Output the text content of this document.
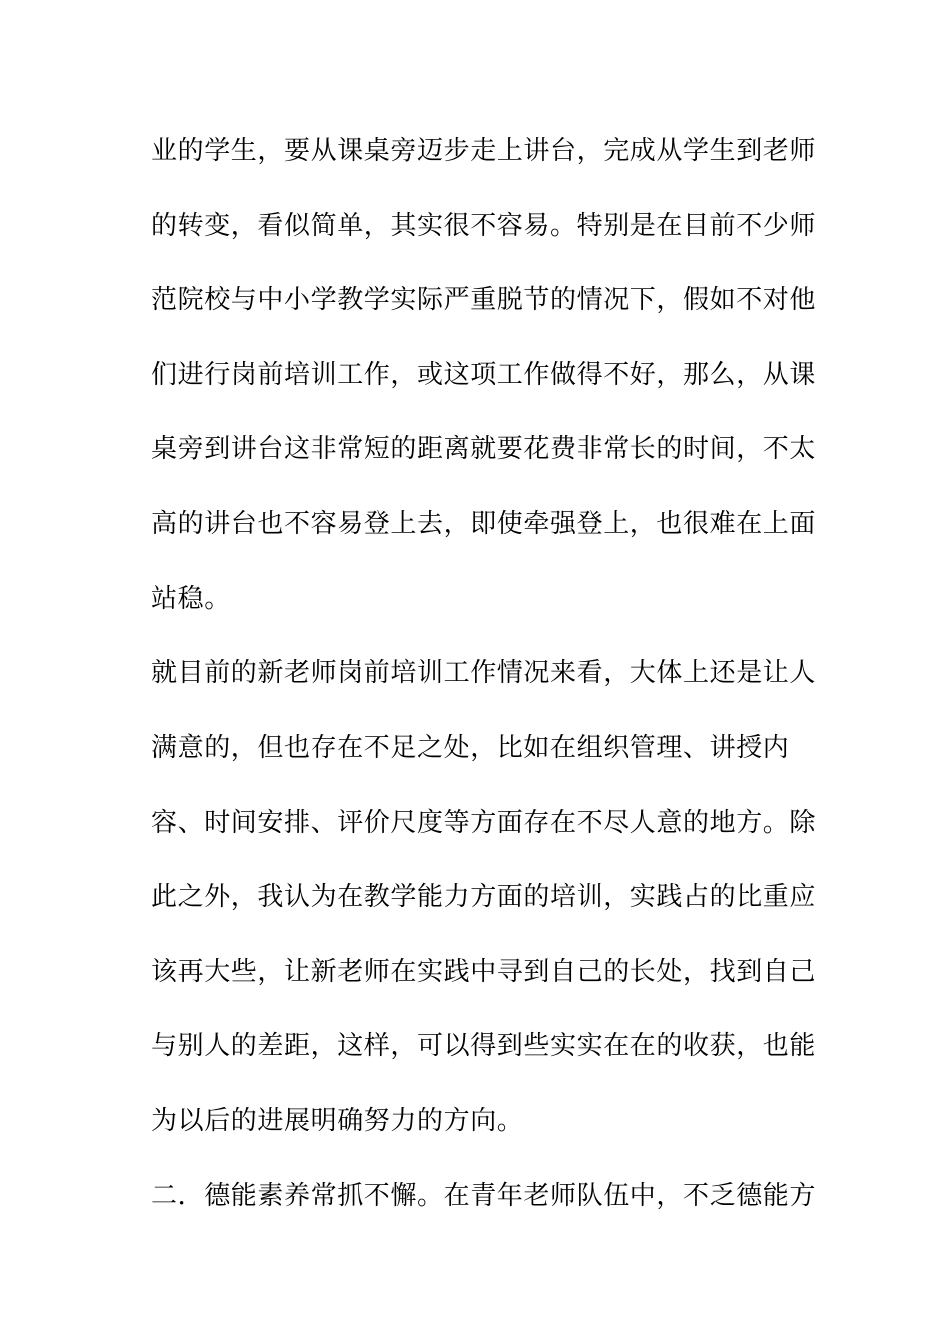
业的学生，要从课桌旁迈步走上讲台，完成从学生到老师
的转变，看似简单，其实很不容易。特别是在目前不少师
范院校与中小学教学实际严重脱节的情况下，假如不对他
们进行岗前培训工作，或这项工作做得不好，那么，从课
桌旁到讲台这非常短的距离就要花费非常长的时间，不太
高的讲台也不容易登上去，即使牵强登上，也很难在上面
站稳。
就目前的新老师岗前培训工作情况来看，大体上还是让人
满意的，但也存在不足之处，比如在组织管理、讲授内
容、时间安排、评价尺度等方面存在不尽人意的地方。除
此之外，我认为在教学能力方面的培训，实践占的比重应
该再大些，让新老师在实践中寻到自己的长处，找到自己
与别人的差距，这样，可以得到些实实在在的收获，也能
为以后的进展明确努力的方向。
二．德能素养常抓不懈。在青年老师队伍中，不乏德能方
